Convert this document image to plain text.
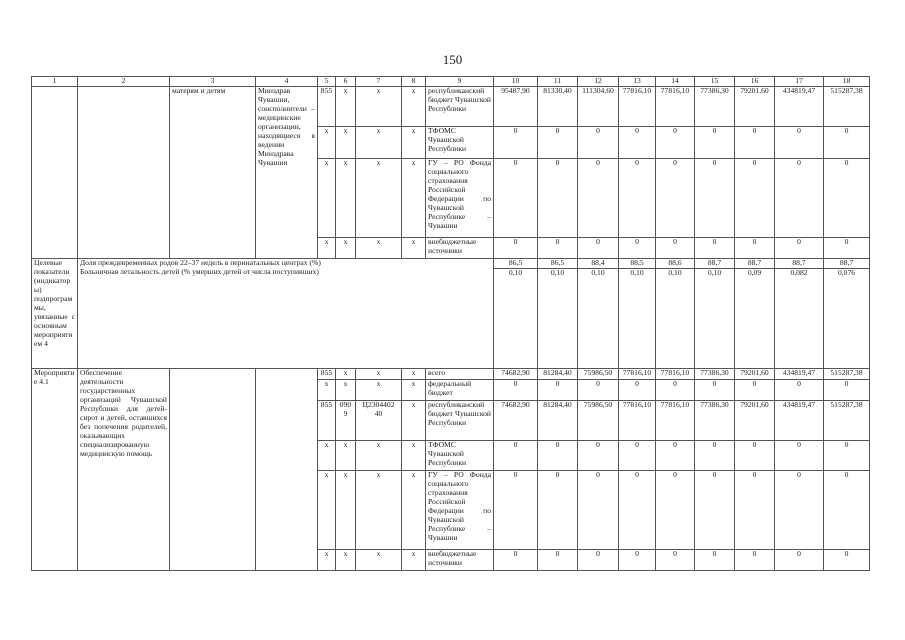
150
1	2	3	4	5	6	7	8	9	10	11	12	13	14	15	16	17	18
		матерям и детям	Минздрав Чувашии, соисполнители – медицинские организации, находящиеся в ведении Минздрава Чувашии	855	x	x	x	республиканский бюджет Чувашской Республики	95487,90	81330,40	111304,60	77816,10	77816,10	77386,30	79201,60	434819,47	515287,38
				x	x	x	x	ТФОМС Чувашской Республики	0	0	0	0	0	0	0	0	0
				x	x	x	x	ГУ – РО Фонда социального страхования Российской Федерации по Чувашской Республике – Чувашии	0	0	0	0	0	0	0	0	0
				x	x	x	x	внебюджетные источники	0	0	0	0	0	0	0	0	0
Целевые показатели (индикаторы) подпрограммы, увязанные с основным мероприятием 4	Доля преждевременных родов 22–37 недель в перинатальных центрах (%)								86,5	86,5	88,4	88,5	88,6	88,7	88,7	88,7	88,7
	Больничная летальность детей (% умерших детей от числа поступивших)								0,10	0,10	0,10	0,10	0,10	0,10	0,09	0,082	0,076
Мероприятие 4.1	Обеспечение деятельности государственных организаций Чувашской Республики для детей-сирот и детей, оставшихся без попечения родителей, оказывающих специализированную медицинскую помощь			855	x	x	x	всего	74682,90	81284,40	75986,50	77816,10	77816,10	77386,30	79201,60	434819,47	515287,38
				x	x	x	x	федеральный бюджет	0	0	0	0	0	0	0	0	0
				855	0909	Ц2304402 40	x	республиканский бюджет Чувашской Республики	74682,90	81284,40	75986,50	77816,10	77816,10	77386,30	79201,60	434819,47	515287,38
				x	x	x	x	ТФОМС Чувашской Республики	0	0	0	0	0	0	0	0	0
				x	x	x	x	ГУ – РО Фонда социального страхования Российской Федерации по Чувашской Республике – Чувашии	0	0	0	0	0	0	0	0	0
				x	x	x	x	внебюджетные источники	0	0	0	0	0	0	0	0	0
